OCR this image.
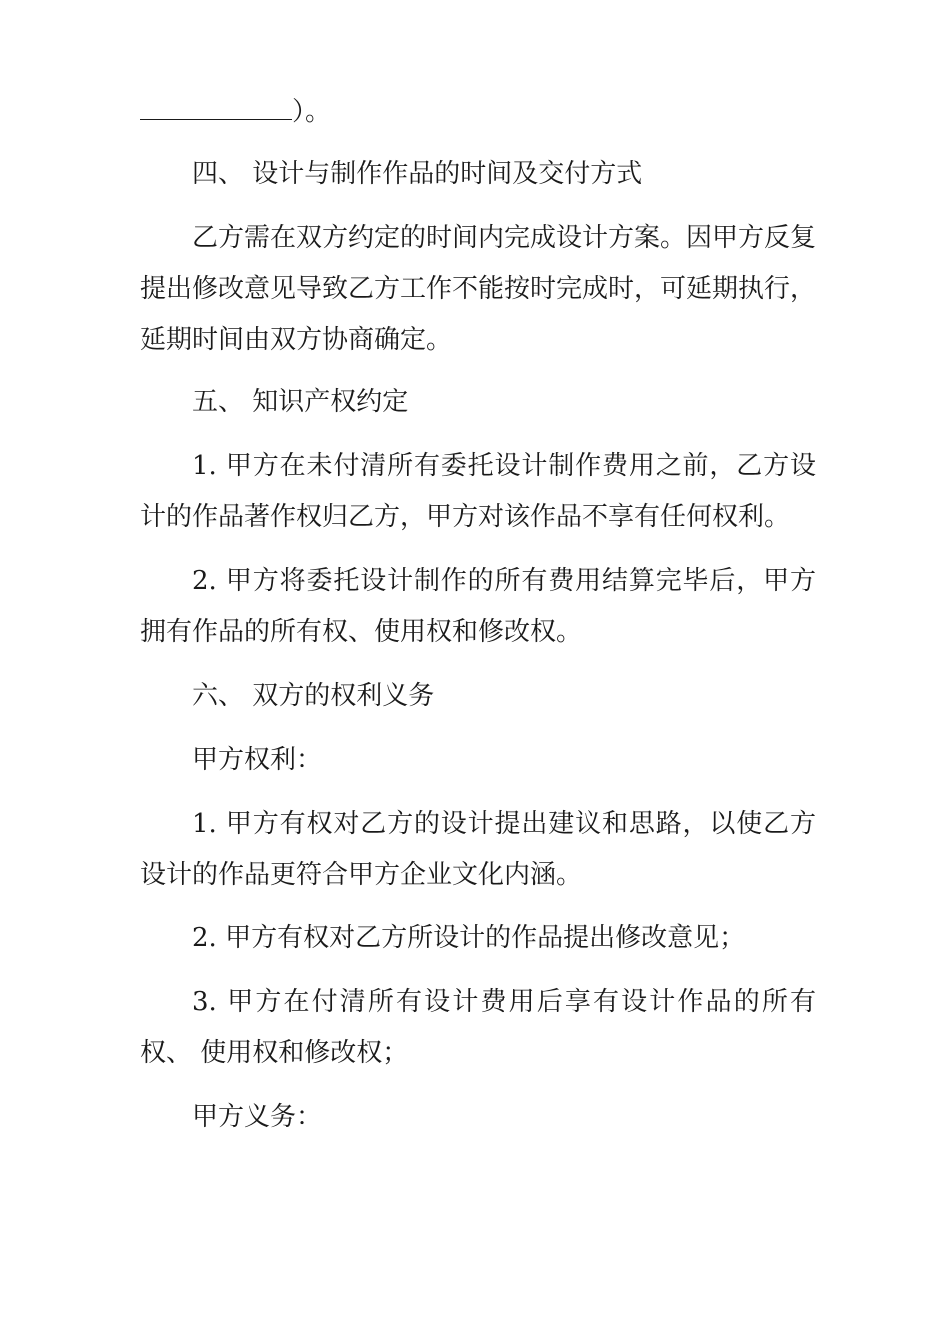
）。
四、 设计与制作作品的时间及交付方式
乙方需在双方约定的时间内完成设计方案。因甲方反复
提出修改意见导致乙方工作不能按时完成时，可延期执行，
延期时间由双方协商确定。
五、 知识产权约定
1. 甲方在未付清所有委托设计制作费用之前，乙方设
计的作品著作权归乙方，甲方对该作品不享有任何权利。
2. 甲方将委托设计制作的所有费用结算完毕后，甲方
拥有作品的所有权、使用权和修改权。
六、 双方的权利义务
甲方权利：
1. 甲方有权对乙方的设计提出建议和思路，以使乙方
设计的作品更符合甲方企业文化内涵。
2. 甲方有权对乙方所设计的作品提出修改意见；
3. 甲方在付清所有设计费用后享有设计作品的所有
权、 使用权和修改权；
甲方义务：
